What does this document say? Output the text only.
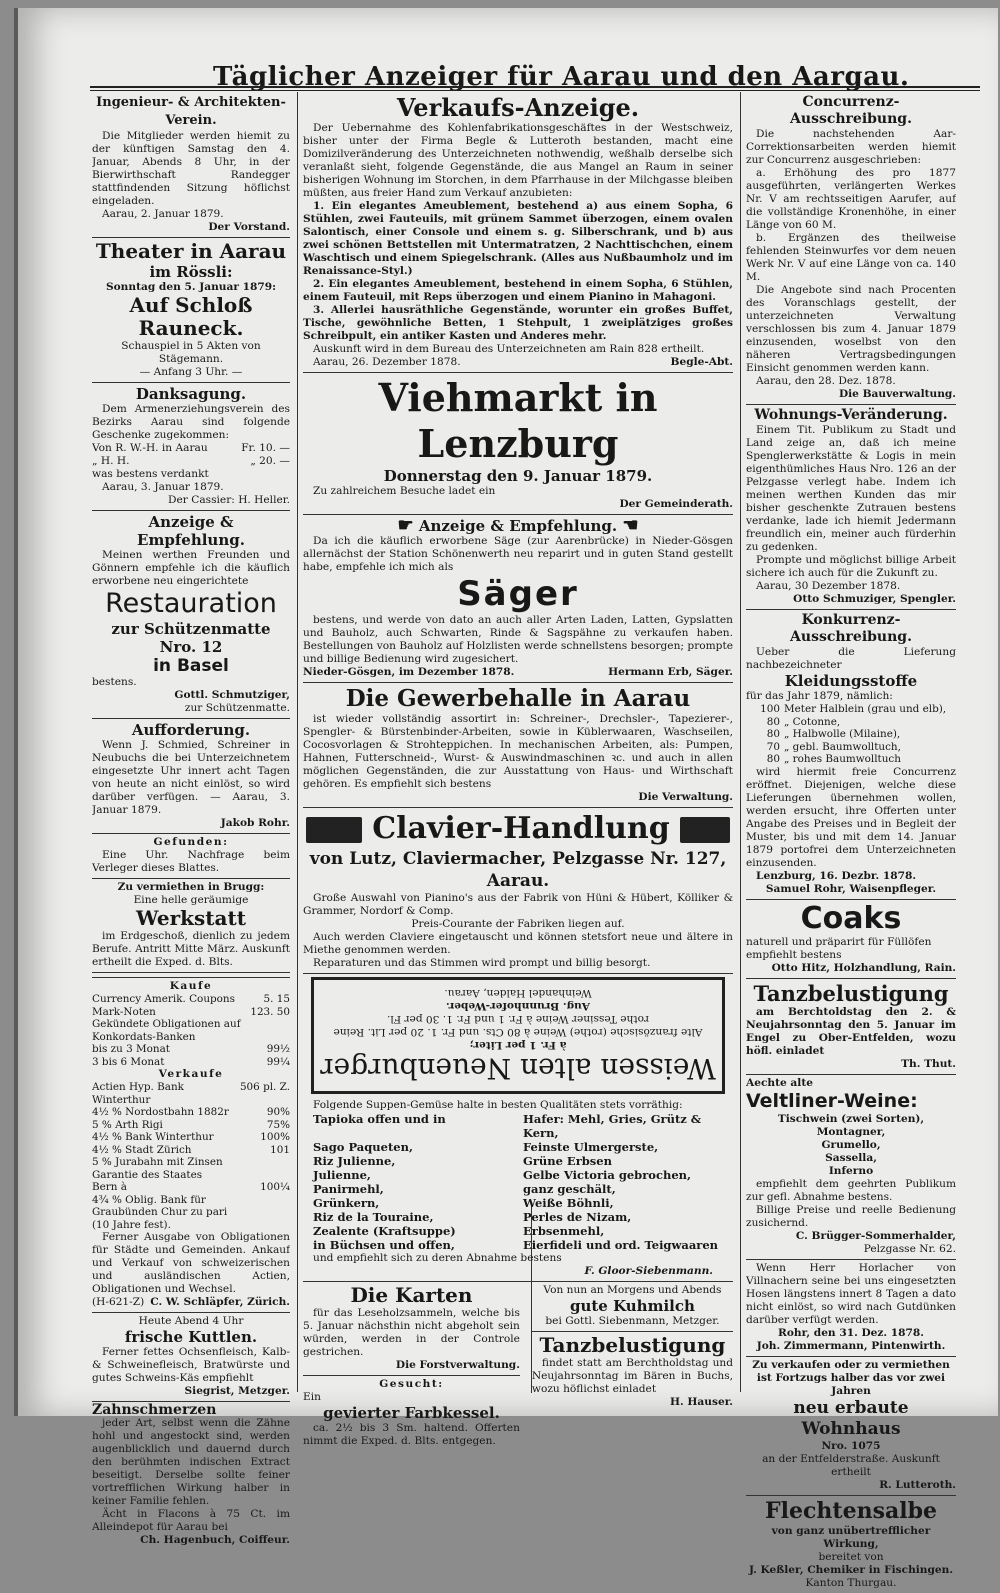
Täglicher Anzeiger für Aarau und den Aargau.
Ingenieur- & Architekten-Verein.

Die Mitglieder werden hiemit zu der künftigen Samstag den 4. Januar, Abends 8 Uhr, in der Bierwirthschaft Randegger stattfindenden Sitzung höflichst eingeladen.

Aarau, 2. Januar 1879.

Der Vorstand.
Theater in Aarau
im Rössli:
Sonntag den 5. Januar 1879:
Auf Schloß Rauneck.
Schauspiel in 5 Akten von Stägemann.
— Anfang 3 Uhr. —
Danksagung.

Dem Armenerziehungsverein des Bezirks Aarau sind folgende Geschenke zugekommen:

Von R. W.-H. in Aarau	Fr. 10. —
„ H. H.	„ 20. —
was bestens verdankt

Aarau, 3. Januar 1879.

Der Cassier: H. Heller.
Anzeige & Empfehlung.

Meinen werthen Freunden und Gönnern empfehle ich die käuflich erworbene neu eingerichtete

Restauration
zur Schützenmatte Nro. 12
in Basel
bestens.
Gottl. Schmutziger,
zur Schützenmatte.
Aufforderung.

Wenn J. Schmied, Schreiner in Neubuchs die bei Unterzeichnetem eingesetzte Uhr innert acht Tagen von heute an nicht einlöst, so wird darüber verfügen. — Aarau, 3. Januar 1879.

Jakob Rohr.
Gefunden:

Eine Uhr. Nachfrage beim Verleger dieses Blattes.

Zu vermiethen in Brugg:
Eine helle geräumige
Werkstatt

im Erdgeschoß, dienlich zu jedem Berufe. Antritt Mitte März. Auskunft ertheilt die Exped. d. Blts.

Kaufe
Currency Amerik. Coupons	5. 15
Mark-Noten	123. 50
Gekündete Obligationen auf Konkordats-Banken	
bis zu 3 Monat	99½
3 bis 6 Monat	99¼
Verkaufe
Actien Hyp. Bank Winterthur	506 pl. Z.
4½ % Nordostbahn 1882r	90%
5 % Arth Rigi	75%
4½ % Bank Winterthur	100%
4½ % Stadt Zürich	101
5 % Jurabahn mit Zinsen Garantie des Staates	
Bern à	100¼
4¾ % Oblig. Bank für Graubünden Chur zu pari (10 Jahre fest).	

Ferner Ausgabe von Obligationen für Städte und Gemeinden. Ankauf und Verkauf von schweizerischen und ausländischen Actien, Obligationen und Wechsel.

(H-621-Z) C. W. Schläpfer, Zürich.
Heute Abend 4 Uhr
frische Kuttlen.

Ferner fettes Ochsenfleisch, Kalb- & Schweinefleisch, Bratwürste und gutes Schweins-Käs empfiehlt

Siegrist, Metzger.
Zahnschmerzen

jeder Art, selbst wenn die Zähne hohl und angestockt sind, werden augenblicklich und dauernd durch den berühmten indischen Extract beseitigt. Derselbe sollte feiner vortrefflichen Wirkung halber in keiner Familie fehlen.

Ächt in Flacons à 75 Ct. im Alleindepot für Aarau bei

Ch. Hagenbuch, Coiffeur.
Verkaufs-Anzeige.

Der Uebernahme des Kohlenfabrikationsgeschäftes in der Westschweiz, bisher unter der Firma Begle & Lutteroth bestanden, macht eine Domizilveränderung des Unterzeichneten nothwendig, weßhalb derselbe sich veranlaßt sieht, folgende Gegenstände, die aus Mangel an Raum in seiner bisherigen Wohnung im Storchen, in dem Pfarrhause in der Milchgasse bleiben müßten, aus freier Hand zum Verkauf anzubieten:

1. Ein elegantes Ameublement, bestehend a) aus einem Sopha, 6 Stühlen, zwei Fauteuils, mit grünem Sammet überzogen, einem ovalen Salontisch, einer Console und einem s. g. Silberschrank, und b) aus zwei schönen Bettstellen mit Untermatratzen, 2 Nachttischchen, einem Waschtisch und einem Spiegelschrank. (Alles aus Nußbaumholz und im Renaissance-Styl.)

2. Ein elegantes Ameublement, bestehend in einem Sopha, 6 Stühlen, einem Fauteuil, mit Reps überzogen und einem Pianino in Mahagoni.

3. Allerlei hausräthliche Gegenstände, worunter ein großes Buffet, Tische, gewöhnliche Betten, 1 Stehpult, 1 zweiplätziges großes Schreibpult, ein antiker Kasten und Anderes mehr.

Auskunft wird in dem Bureau des Unterzeichneten am Rain 828 ertheilt.

Aarau, 26. Dezember 1878.	Begle-Abt.
Viehmarkt in Lenzburg
Donnerstag den 9. Januar 1879.

Zu zahlreichem Besuche ladet ein

Der Gemeinderath.
☛ Anzeige & Empfehlung. ☚

Da ich die käuflich erworbene Säge (zur Aarenbrücke) in Nieder-Gösgen allernächst der Station Schönenwerth neu reparirt und in guten Stand gestellt habe, empfehle ich mich als

Säger

bestens, und werde von dato an auch aller Arten Laden, Latten, Gypslatten und Bauholz, auch Schwarten, Rinde & Sagspähne zu verkaufen haben. Bestellungen von Bauholz auf Holzlisten werde schnellstens besorgen; prompte und billige Bedienung wird zugesichert.

Nieder-Gösgen, im Dezember 1878.	Hermann Erb, Säger.
Die Gewerbehalle in Aarau

ist wieder vollständig assortirt in: Schreiner-, Drechsler-, Tapezierer-, Spengler- & Bürstenbinder-Arbeiten, sowie in Küblerwaaren, Waschseilen, Cocosvorlagen & Strohteppichen. In mechanischen Arbeiten, als: Pumpen, Hahnen, Futterschneid-, Wurst- & Auswindmaschinen ꝛc. und auch in allen möglichen Gegenständen, die zur Ausstattung von Haus- und Wirthschaft gehören. Es empfiehlt sich bestens

Die Verwaltung.
Clavier-Handlung
von Lutz, Claviermacher, Pelzgasse Nr. 127, Aarau.

Große Auswahl von Pianino's aus der Fabrik von Hüni & Hübert, Kölliker & Grammer, Nordorf & Comp.

Preis-Courante der Fabriken liegen auf.

Auch werden Claviere eingetauscht und können stetsfort neue und ältere in Miethe genommen werden.

Reparaturen und das Stimmen wird prompt und billig besorgt.

Weissen alten Neuenburger
à Fr. 1 per Liter;
Alte französische (rothe) Weine à 80 Cts. und Fr. 1. 20 per Lit. Reine rothe Tessiner Weine à Fr. 1 und Fr. 1. 30 per Fl.
Aug. Brunnhofer-Weber.
Weinhandel Halden, Aarau.

Folgende Suppen-Gemüse halte in besten Qualitäten stets vorräthig:

Tapioka offen und in	Hafer: Mehl, Gries, Grütz & Kern,
Sago Paqueten,	Feinste Ulmergerste,
Riz Julienne,	Grüne Erbsen
Julienne,	Gelbe Victoria gebrochen,
Panirmehl,	ganz geschält,
Grünkern,	Weiße Böhnli,
Riz de la Touraine,	Perles de Nizam,
Zealente (Kraftsuppe)	Erbsenmehl,
in Büchsen und offen,	Eierfideli und ord. Teigwaaren

und empfiehlt sich zu deren Abnahme bestens

F. Gloor-Siebenmann.
Die Karten

für das Leseholzsammeln, welche bis 5. Januar nächsthin nicht abgeholt sein würden, werden in der Controle gestrichen.

Die Forstverwaltung.
Gesucht:
Ein
gevierter Farbkessel.

ca. 2½ bis 3 Sm. haltend. Offerten nimmt die Exped. d. Blts. entgegen.

Von nun an Morgens und Abends
gute Kuhmilch
bei Gottl. Siebenmann, Metzger.
Tanzbelustigung

findet statt am Berchtholdstag und Neujahrsonntag im Bären in Buchs, wozu höflichst einladet

H. Hauser.
Concurrenz-Ausschreibung.

Die nachstehenden Aar-Correktionsarbeiten werden hiemit zur Concurrenz ausgeschrieben:

a. Erhöhung des pro 1877 ausgeführten, verlängerten Werkes Nr. V am rechtsseitigen Aarufer, auf die vollständige Kronenhöhe, in einer Länge von 60 M.

b. Ergänzen des theilweise fehlenden Steinwurfes vor dem neuen Werk Nr. V auf eine Länge von ca. 140 M.

Die Angebote sind nach Procenten des Voranschlags gestellt, der unterzeichneten Verwaltung verschlossen bis zum 4. Januar 1879 einzusenden, woselbst von den näheren Vertragsbedingungen Einsicht genommen werden kann.

Aarau, den 28. Dez. 1878.

Die Bauverwaltung.
Wohnungs-Veränderung.

Einem Tit. Publikum zu Stadt und Land zeige an, daß ich meine Spenglerwerkstätte & Logis in mein eigenthümliches Haus Nro. 126 an der Pelzgasse verlegt habe. Indem ich meinen werthen Kunden das mir bisher geschenkte Zutrauen bestens verdanke, lade ich hiemit Jedermann freundlich ein, meiner auch fürderhin zu gedenken.

Prompte und möglichst billige Arbeit sichere ich auch für die Zukunft zu.

Aarau, 30 Dezember 1878.

Otto Schmuziger, Spengler.
Konkurrenz-Ausschreibung.

Ueber die Lieferung nachbezeichneter

Kleidungsstoffe
für das Jahr 1879, nämlich:
100	Meter Halblein (grau und elb),
80	„ Cotonne,
80	„ Halbwolle (Milaine),
70	„ gebl. Baumwolltuch,
80	„ rohes Baumwolltuch

wird hiermit freie Concurrenz eröffnet. Diejenigen, welche diese Lieferungen übernehmen wollen, werden ersucht, ihre Offerten unter Angabe des Preises und in Begleit der Muster, bis und mit dem 14. Januar 1879 portofrei dem Unterzeichneten einzusenden.

Lenzburg, 16. Dezbr. 1878.

Samuel Rohr, Waisenpfleger.
Coaks
naturell und präparirt für Füllöfen empfiehlt bestens
Otto Hitz, Holzhandlung, Rain.
Tanzbelustigung

am Berchtoldstag den 2. & Neujahrsonntag den 5. Januar im Engel zu Ober-Entfelden, wozu höfl. einladet

Th. Thut.
Aechte alte
Veltliner-Weine:
Tischwein (zwei Sorten),
Montagner,
Grumello,
Sassella,
Inferno

empfiehlt dem geehrten Publikum zur gefl. Abnahme bestens.

Billige Preise und reelle Bedienung zusichernd.

C. Brügger-Sommerhalder,
Pelzgasse Nr. 62.

Wenn Herr Horlacher von Villnachern seine bei uns eingesetzten Hosen längstens innert 8 Tagen a dato nicht einlöst, so wird nach Gutdünken darüber verfügt werden.

Rohr, den 31. Dez. 1878.
Joh. Zimmermann, Pintenwirth.
Zu verkaufen oder zu vermiethen ist Fortzugs halber das vor zwei Jahren
neu erbaute Wohnhaus
Nro. 1075
an der Entfelderstraße. Auskunft ertheilt
R. Lutteroth.
Flechtensalbe
von ganz unübertrefflicher Wirkung,
bereitet von
J. Keßler, Chemiker in Fischingen.
Kanton Thurgau.
